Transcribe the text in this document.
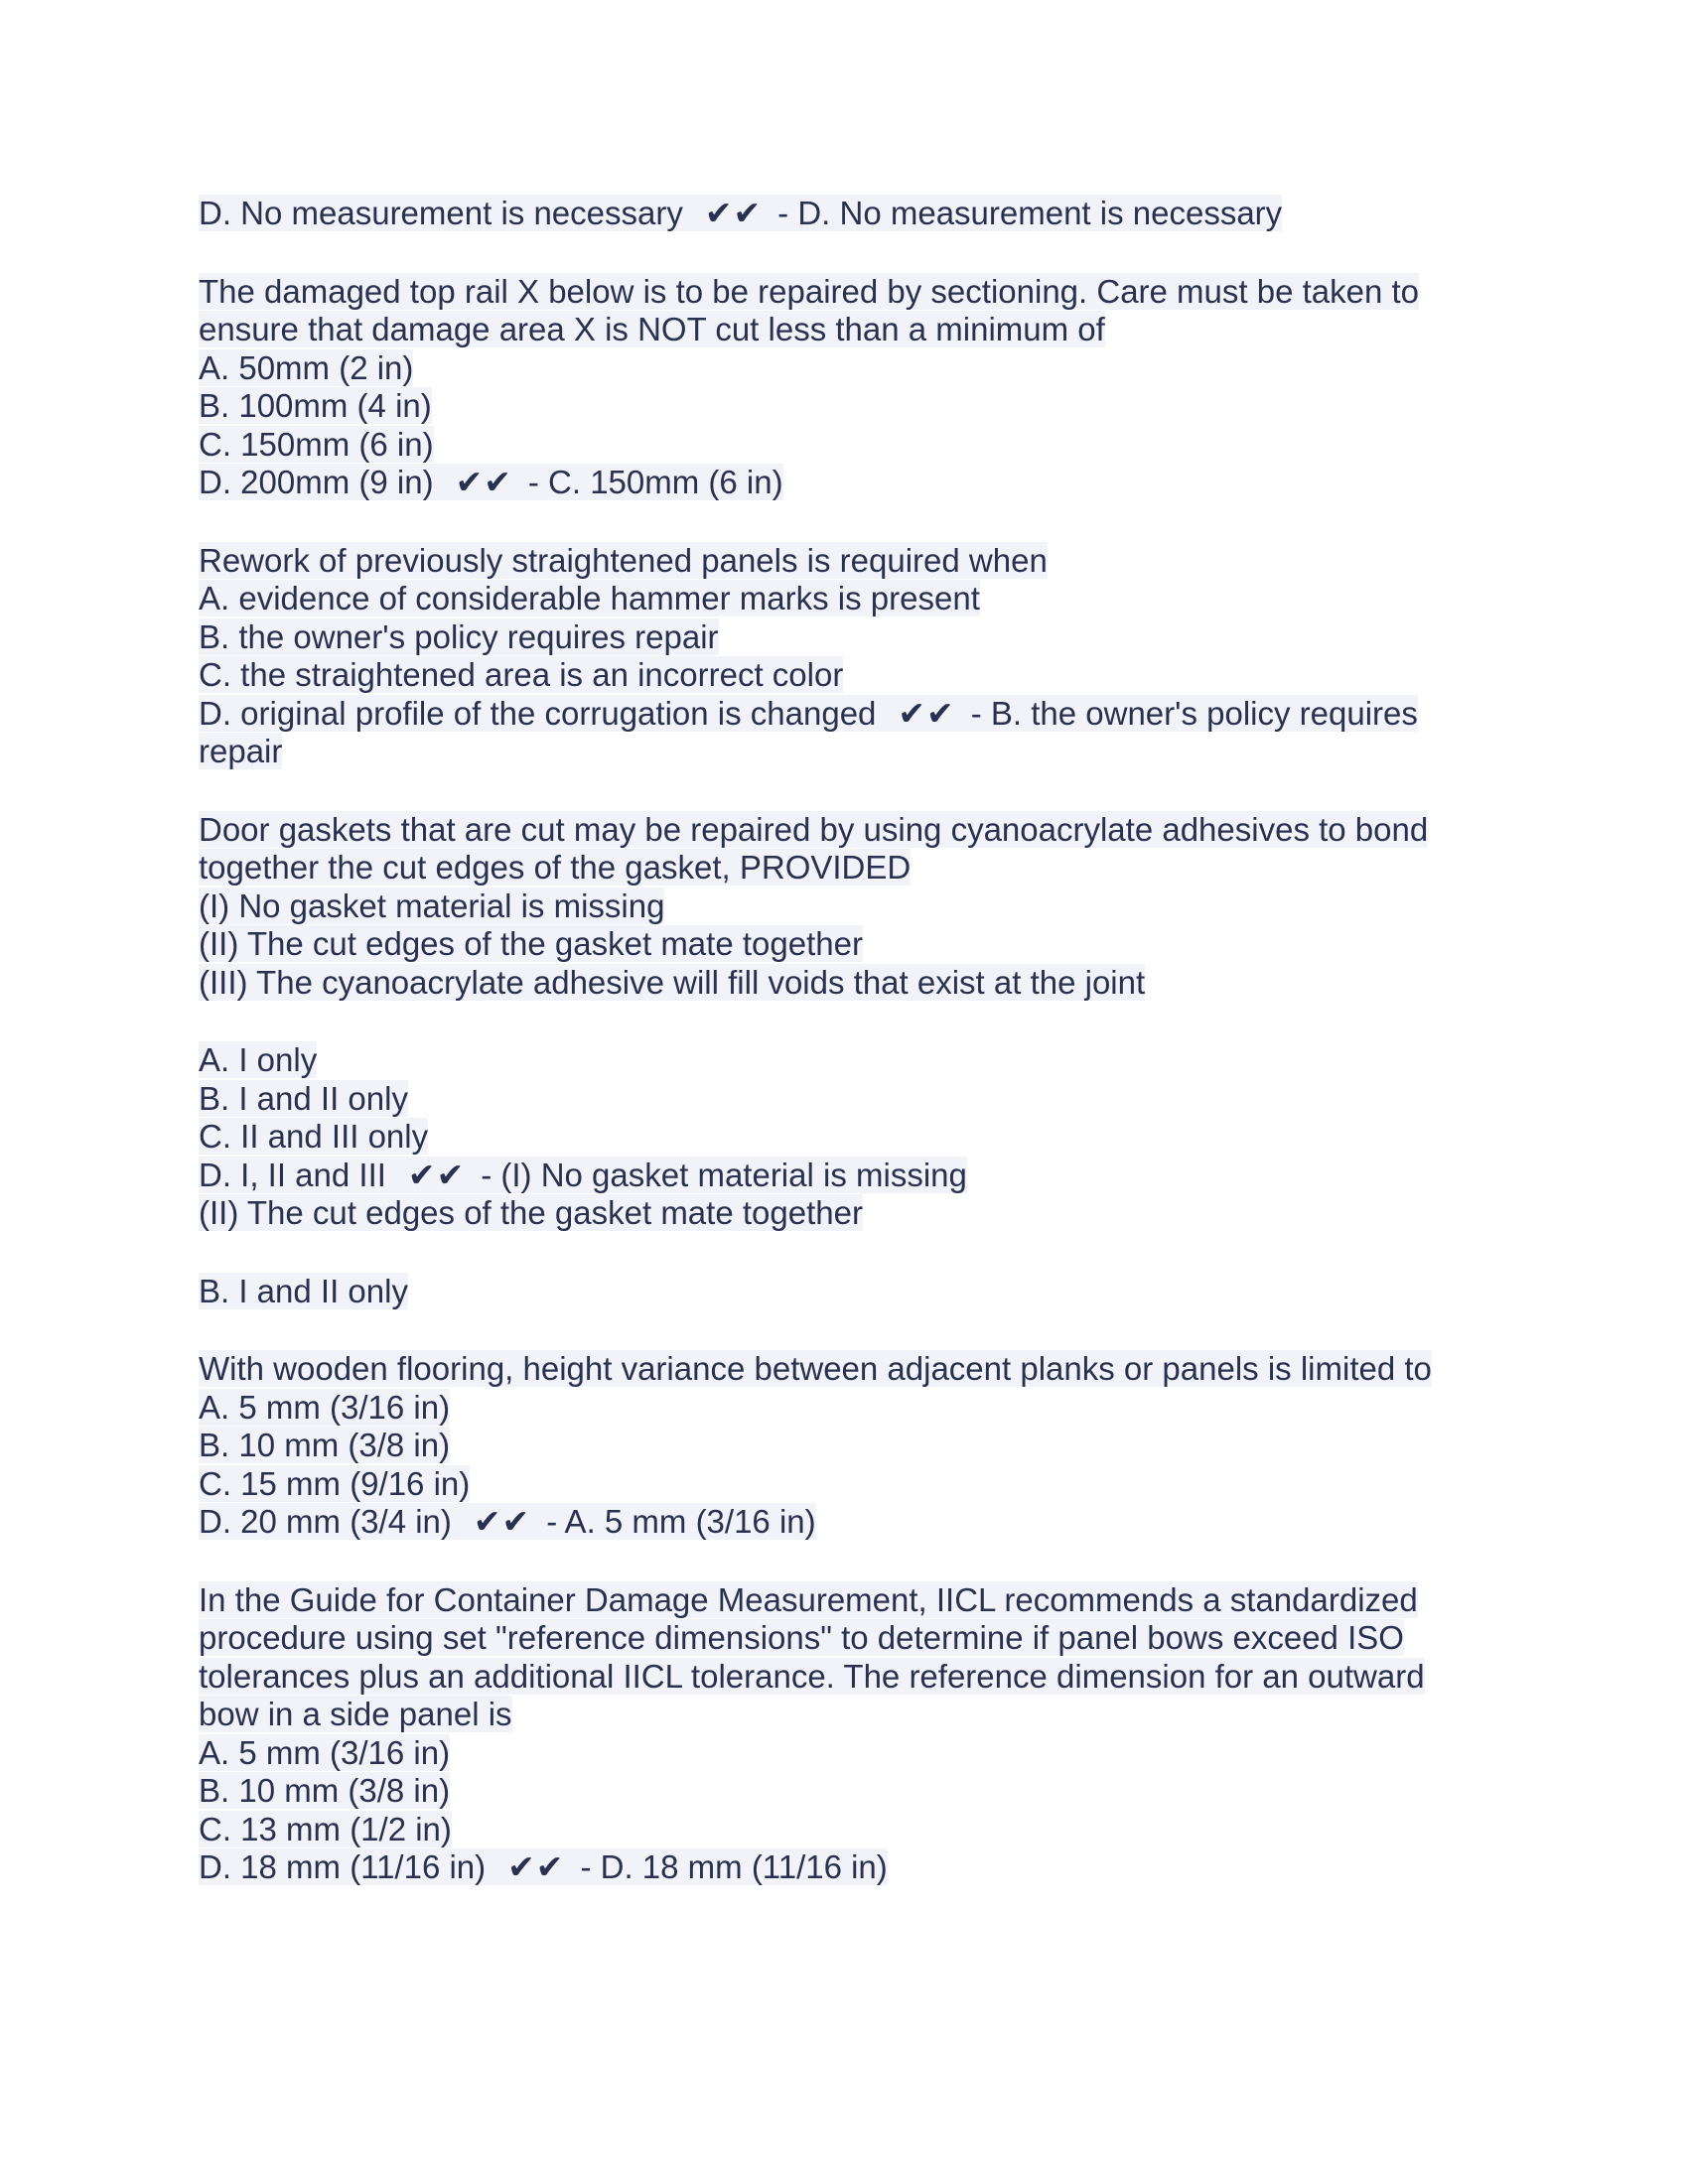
D. No measurement is necessary ✔✔ - D. No measurement is necessary
The damaged top rail X below is to be repaired by sectioning. Care must be taken to
ensure that damage area X is NOT cut less than a minimum of
A. 50mm (2 in)
B. 100mm (4 in)
C. 150mm (6 in)
D. 200mm (9 in) ✔✔ - C. 150mm (6 in)
Rework of previously straightened panels is required when
A. evidence of considerable hammer marks is present
B. the owner's policy requires repair
C. the straightened area is an incorrect color
D. original profile of the corrugation is changed ✔✔ - B. the owner's policy requires
repair
Door gaskets that are cut may be repaired by using cyanoacrylate adhesives to bond
together the cut edges of the gasket, PROVIDED
(I) No gasket material is missing
(II) The cut edges of the gasket mate together
(III) The cyanoacrylate adhesive will fill voids that exist at the joint
A. I only
B. I and II only
C. II and III only
D. I, II and III ✔✔ - (I) No gasket material is missing
(II) The cut edges of the gasket mate together
B. I and II only
With wooden flooring, height variance between adjacent planks or panels is limited to
A. 5 mm (3/16 in)
B. 10 mm (3/8 in)
C. 15 mm (9/16 in)
D. 20 mm (3/4 in) ✔✔ - A. 5 mm (3/16 in)
In the Guide for Container Damage Measurement, IICL recommends a standardized
procedure using set "reference dimensions" to determine if panel bows exceed ISO
tolerances plus an additional IICL tolerance. The reference dimension for an outward
bow in a side panel is
A. 5 mm (3/16 in)
B. 10 mm (3/8 in)
C. 13 mm (1/2 in)
D. 18 mm (11/16 in) ✔✔ - D. 18 mm (11/16 in)
